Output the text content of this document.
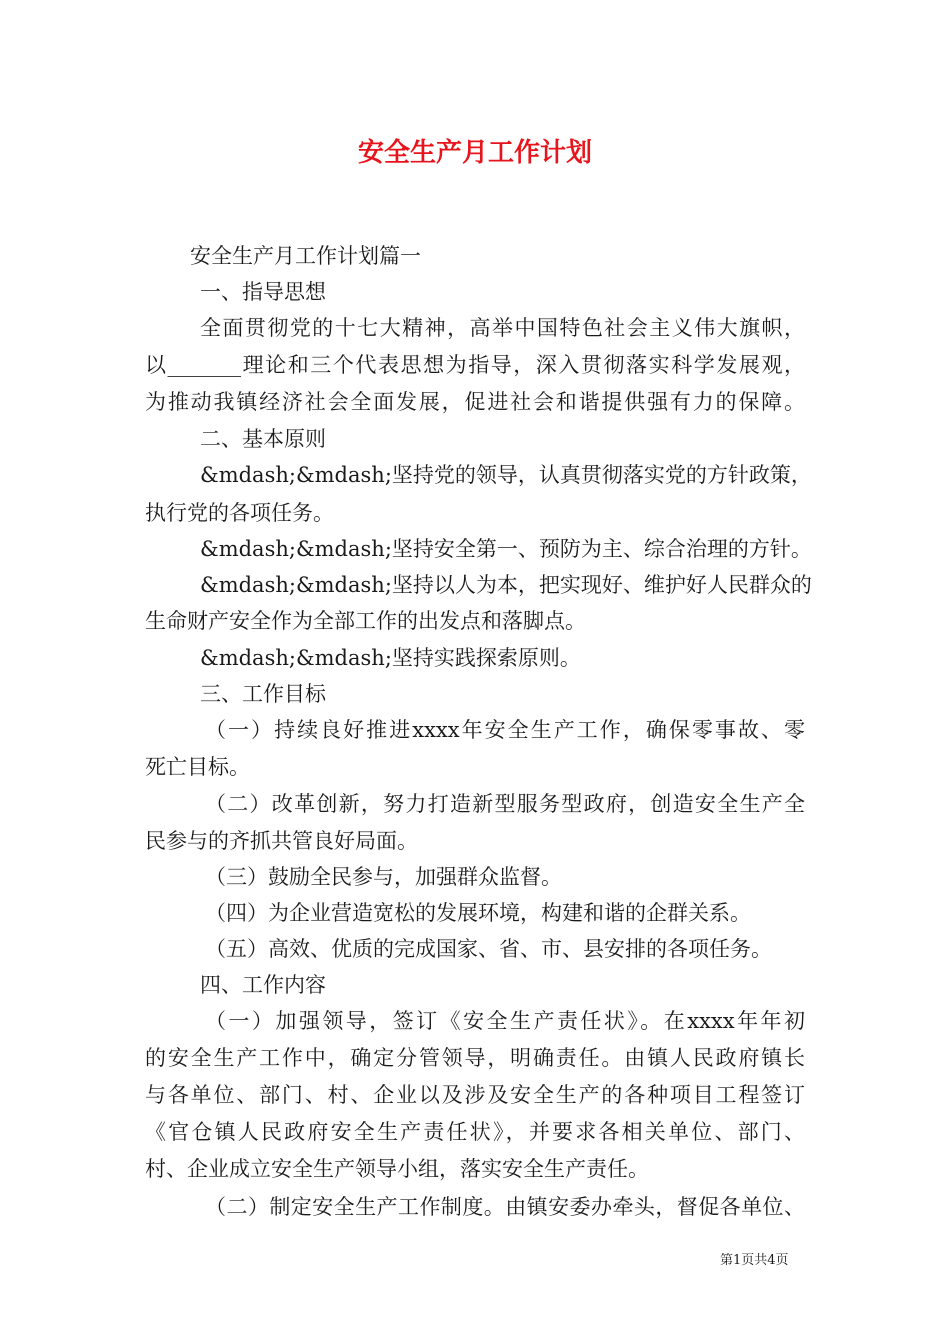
安全生产月工作计划
安全生产月工作计划篇一
一、指导思想
全面贯彻党的十七大精神，高举中国特色社会主义伟大旗帜，
以_______理论和三个代表思想为指导，深入贯彻落实科学发展观，
为推动我镇经济社会全面发展，促进社会和谐提供强有力的保障。
二、基本原则
&mdash;&mdash;坚持党的领导，认真贯彻落实党的方针政策，
执行党的各项任务。
&mdash;&mdash;坚持安全第一、预防为主、综合治理的方针。
&mdash;&mdash;坚持以人为本，把实现好、维护好人民群众的
生命财产安全作为全部工作的出发点和落脚点。
&mdash;&mdash;坚持实践探索原则。
三、工作目标
（一）持续良好推进xxxx年安全生产工作，确保零事故、零
死亡目标。
（二）改革创新，努力打造新型服务型政府，创造安全生产全
民参与的齐抓共管良好局面。
（三）鼓励全民参与，加强群众监督。
（四）为企业营造宽松的发展环境，构建和谐的企群关系。
（五）高效、优质的完成国家、省、市、县安排的各项任务。
四、工作内容
（一）加强领导，签订《安全生产责任状》。在xxxx年年初
的安全生产工作中，确定分管领导，明确责任。由镇人民政府镇长
与各单位、部门、村、企业以及涉及安全生产的各种项目工程签订
《官仓镇人民政府安全生产责任状》，并要求各相关单位、部门、
村、企业成立安全生产领导小组，落实安全生产责任。
（二）制定安全生产工作制度。由镇安委办牵头，督促各单位、
第1页共4页
